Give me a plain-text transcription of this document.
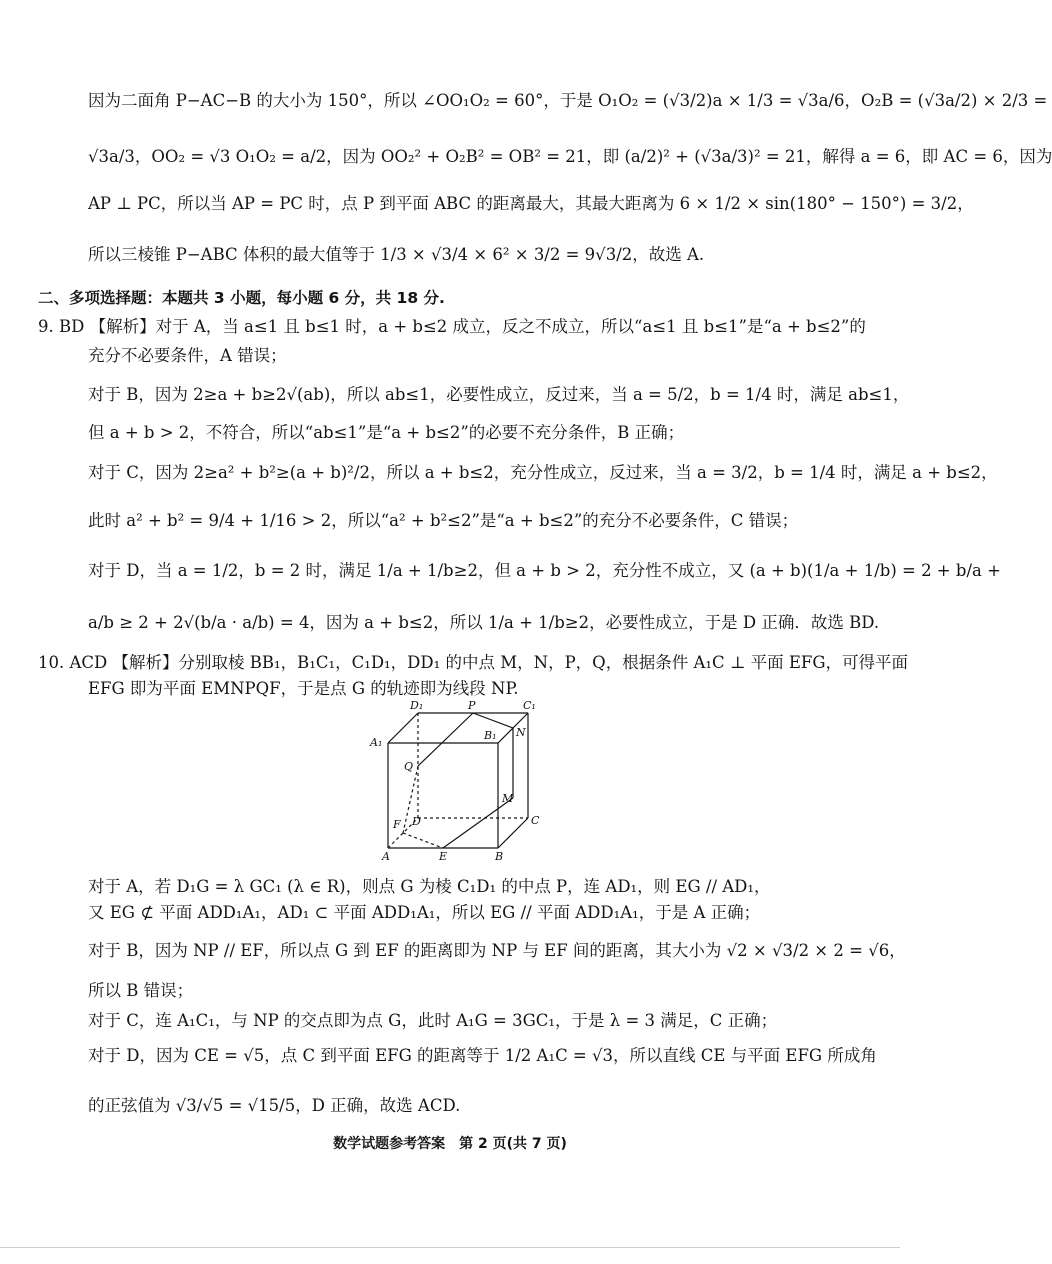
因为二面角 P−AC−B 的大小为 150°，所以 ∠OO₁O₂ = 60°，于是 O₁O₂ = (√3/2)a × 1/3 = √3a/6，O₂B = (√3a/2) × 2/3 =
√3a/3，OO₂ = √3 O₁O₂ = a/2，因为 OO₂² + O₂B² = OB² = 21，即 (a/2)² + (√3a/3)² = 21，解得 a = 6，即 AC = 6，因为
AP ⊥ PC，所以当 AP = PC 时，点 P 到平面 ABC 的距离最大，其最大距离为 6 × 1/2 × sin(180° − 150°) = 3/2，
所以三棱锥 P−ABC 体积的最大值等于 1/3 × √3/4 × 6² × 3/2 = 9√3/2，故选 A.
二、多项选择题：本题共 3 小题，每小题 6 分，共 18 分.
9. BD 【解析】对于 A，当 a≤1 且 b≤1 时，a + b≤2 成立，反之不成立，所以“a≤1 且 b≤1”是“a + b≤2”的
充分不必要条件，A 错误；
对于 B，因为 2≥a + b≥2√(ab)，所以 ab≤1，必要性成立，反过来，当 a = 5/2，b = 1/4 时，满足 ab≤1，
但 a + b > 2，不符合，所以“ab≤1”是“a + b≤2”的必要不充分条件，B 正确；
对于 C，因为 2≥a² + b²≥(a + b)²/2，所以 a + b≤2，充分性成立，反过来，当 a = 3/2，b = 1/4 时，满足 a + b≤2，
此时 a² + b² = 9/4 + 1/16 > 2，所以“a² + b²≤2”是“a + b≤2”的充分不必要条件，C 错误；
对于 D，当 a = 1/2，b = 2 时，满足 1/a + 1/b≥2，但 a + b > 2，充分性不成立，又 (a + b)(1/a + 1/b) = 2 + b/a +
a/b ≥ 2 + 2√(b/a · a/b) = 4，因为 a + b≤2，所以 1/a + 1/b≥2，必要性成立，于是 D 正确．故选 BD.
10. ACD 【解析】分别取棱 BB₁，B₁C₁，C₁D₁，DD₁ 的中点 M，N，P，Q，根据条件 A₁C ⊥ 平面 EFG，可得平面
EFG 即为平面 EMNPQF，于是点 G 的轨迹即为线段 NP.
D₁	P	C₁
A₁
B₁ N
Q
M
F D	C
A	E	B
对于 A，若 D₁G = λ GC₁ (λ ∈ R)，则点 G 为棱 C₁D₁ 的中点 P，连 AD₁，则 EG // AD₁，
又 EG ⊄ 平面 ADD₁A₁，AD₁ ⊂ 平面 ADD₁A₁，所以 EG // 平面 ADD₁A₁，于是 A 正确；
对于 B，因为 NP // EF，所以点 G 到 EF 的距离即为 NP 与 EF 间的距离，其大小为 √2 × √3/2 × 2 = √6，
所以 B 错误；
对于 C，连 A₁C₁，与 NP 的交点即为点 G，此时 A₁G = 3GC₁，于是 λ = 3 满足，C 正确；
对于 D，因为 CE = √5，点 C 到平面 EFG 的距离等于 1/2 A₁C = √3，所以直线 CE 与平面 EFG 所成角
的正弦值为 √3/√5 = √15/5，D 正确，故选 ACD.
数学试题参考答案　第 2 页(共 7 页)
